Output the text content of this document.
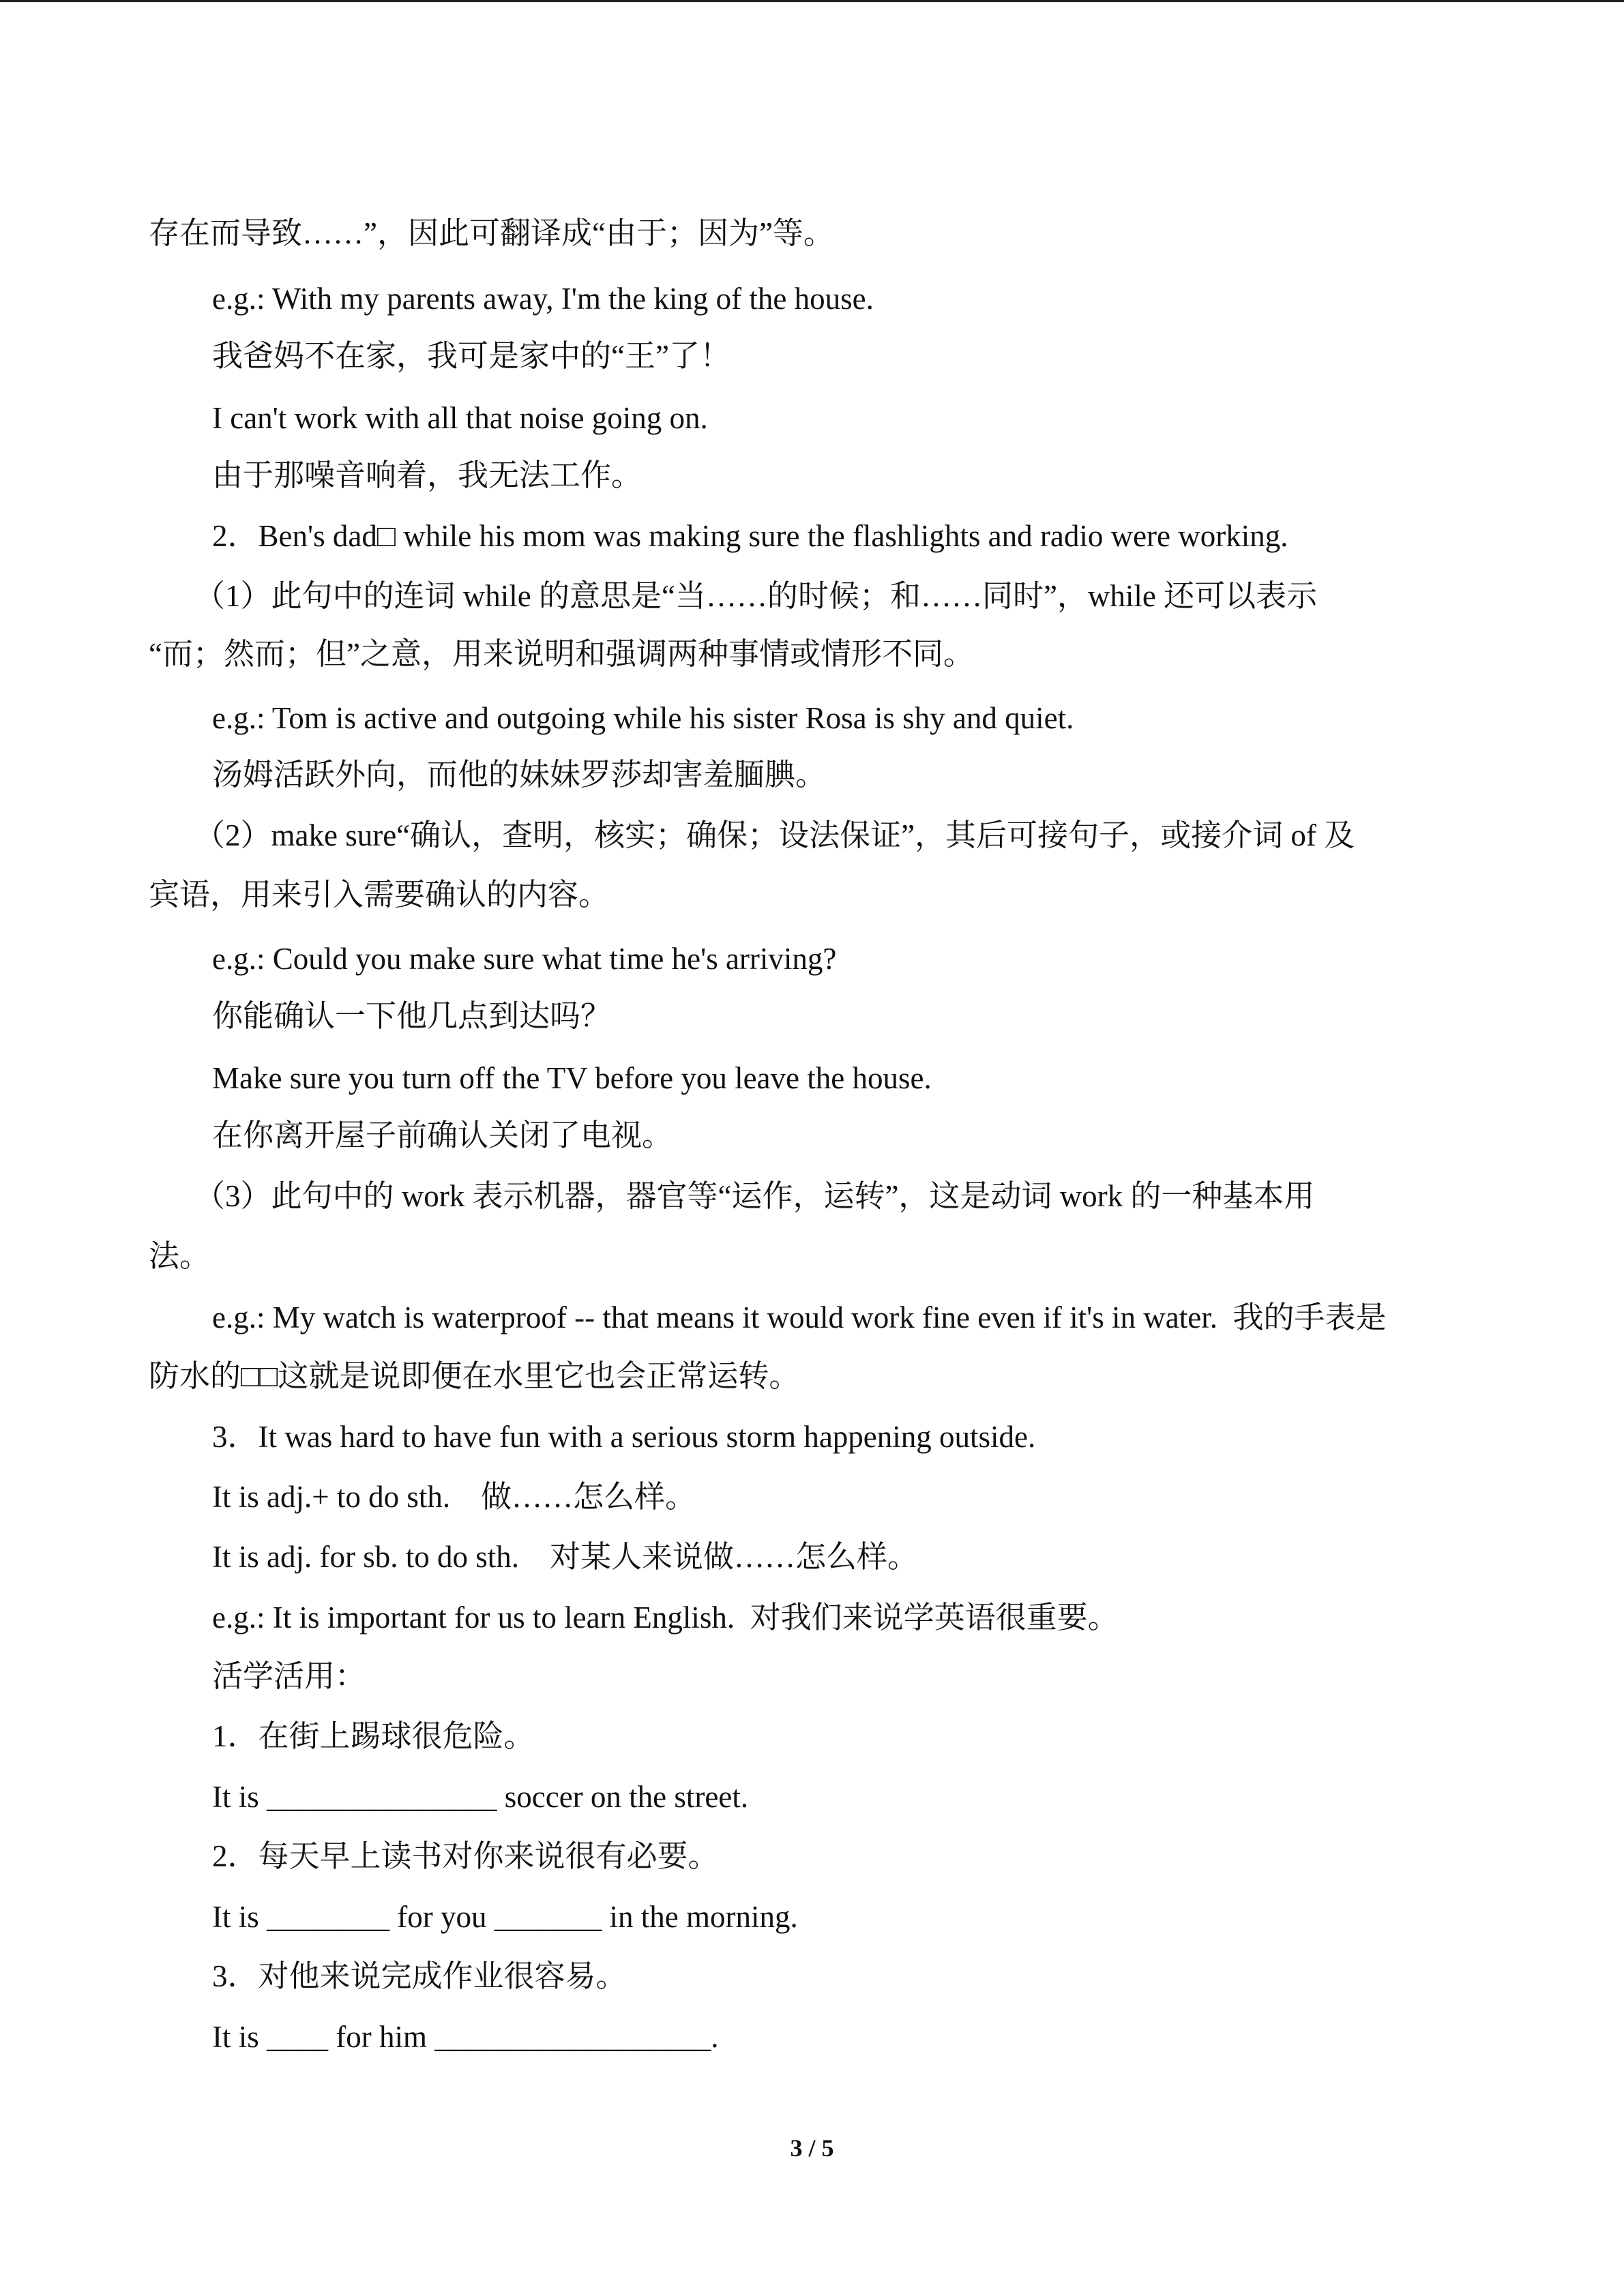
存在而导致……”，因此可翻译成“由于；因为”等。
e.g.: With my parents away, I'm the king of the house.
我爸妈不在家，我可是家中的“王”了！
I can't work with all that noise going on.
由于那噪音响着，我无法工作。
2．Ben's dad□ while his mom was making sure the flashlights and radio were working.
（1）此句中的连词 while 的意思是“当……的时候；和……同时”，while 还可以表示
“而；然而；但”之意，用来说明和强调两种事情或情形不同。
e.g.: Tom is active and outgoing while his sister Rosa is shy and quiet.
汤姆活跃外向，而他的妹妹罗莎却害羞腼腆。
（2）make sure“确认，查明，核实；确保；设法保证”，其后可接句子，或接介词 of 及
宾语，用来引入需要确认的内容。
e.g.: Could you make sure what time he's arriving?
你能确认一下他几点到达吗？
Make sure you turn off the TV before you leave the house.
在你离开屋子前确认关闭了电视。
（3）此句中的 work 表示机器，器官等“运作，运转”，这是动词 work 的一种基本用
法。
e.g.: My watch is waterproof -- that means it would work fine even if it's in water.  我的手表是
防水的□□这就是说即便在水里它也会正常运转。
3．It was hard to have fun with a serious storm happening outside.
It is adj.+ to do sth.    做……怎么样。
It is adj. for sb. to do sth.    对某人来说做……怎么样。
e.g.: It is important for us to learn English.  对我们来说学英语很重要。
活学活用：
1．在街上踢球很危险。
It is _______________ soccer on the street.
2．每天早上读书对你来说很有必要。
It is ________ for you _______ in the morning.
3．对他来说完成作业很容易。
It is ____ for him __________________.
3 / 5
